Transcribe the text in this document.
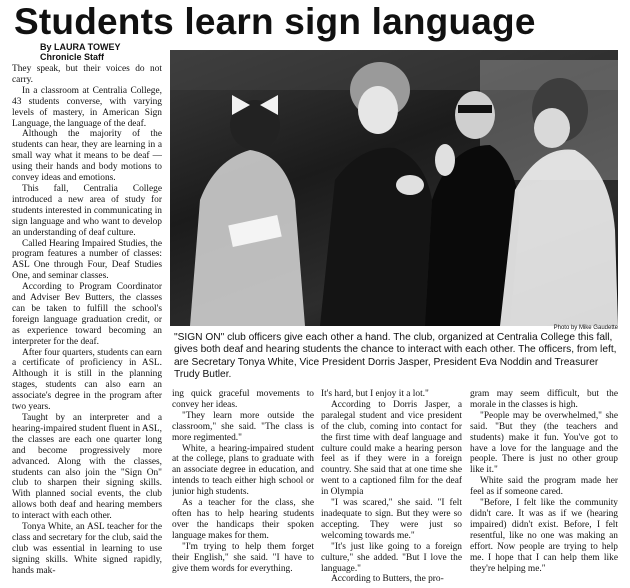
Students learn sign language
By LAURA TOWEY
Chronicle Staff

They speak, but their voices do not carry.

In a classroom at Centralia College, 43 students converse, with varying levels of mastery, in American Sign Language, the language of the deaf.

Although the majority of the students can hear, they are learning in a small way what it means to be deaf — using their hands and body motions to convey ideas and emotions.

This fall, Centralia College introduced a new area of study for students interested in communicating in sign language and who want to develop an understanding of deaf culture.

Called Hearing Impaired Studies, the program features a number of classes: ASL One through Four, Deaf Studies One, and seminar classes.

According to Program Coordinator and Adviser Bev Butters, the classes can be taken to fulfill the school's foreign language graduation credit, or as experience toward becoming an interpreter for the deaf.

After four quarters, students can earn a certificate of proficiency in ASL. Although it is still in the planning stages, students can also earn an associate's degree in the program after two years.

Taught by an interpreter and a hearing-impaired student fluent in ASL, the classes are each one quarter long and become progressively more advanced. Along with the classes, students can also join the "Sign On" club to sharpen their signing skills. With planned social events, the club allows both deaf and hearing members to interact with each other.

Tonya White, an ASL teacher for the class and secretary for the club, said the club was essential in learning to use signing skills. White signed rapidly, hands mak-

Photo by Mike Gaudette
"SIGN ON" club officers give each other a hand. The club, organized at Centralia College this fall, gives both deaf and hearing students the chance to interact with each other. The officers, from left, are Secretary Tonya White, Vice President Dorris Jasper, President Eva Noddin and Treasurer Trudy Butler.

ing quick graceful movements to convey her ideas.

"They learn more outside the classroom," she said. "The class is more regimented."

White, a hearing-impaired student at the college, plans to graduate with an associate degree in education, and intends to teach either high school or junior high students.

As a teacher for the class, she often has to help hearing students over the handicaps their spoken language makes for them.

"I'm trying to help them forget their English," she said. "I have to give them words for everything.

It's hard, but I enjoy it a lot."

According to Dorris Jasper, a paralegal student and vice president of the club, coming into contact for the first time with deaf language and culture could make a hearing person feel as if they were in a foreign country. She said that at one time she went to a captioned film for the deaf in Olympia

"I was scared," she said. "I felt inadequate to sign. But they were so accepting. They were just so welcoming towards me."

"It's just like going to a foreign culture," she added. "But I love the language."

According to Butters, the pro-

gram may seem difficult, but the morale in the classes is high.

"People may be overwhelmed," she said. "But they (the teachers and students) make it fun. You've got to have a love for the language and the people. There is just no other group like it."

White said the program made her feel as if someone cared.

"Before, I felt like the community didn't care. It was as if we (hearing impaired) didn't exist. Before, I felt resentful, like no one was making an effort. Now people are trying to help me. I hope that I can help them like they're helping me."
